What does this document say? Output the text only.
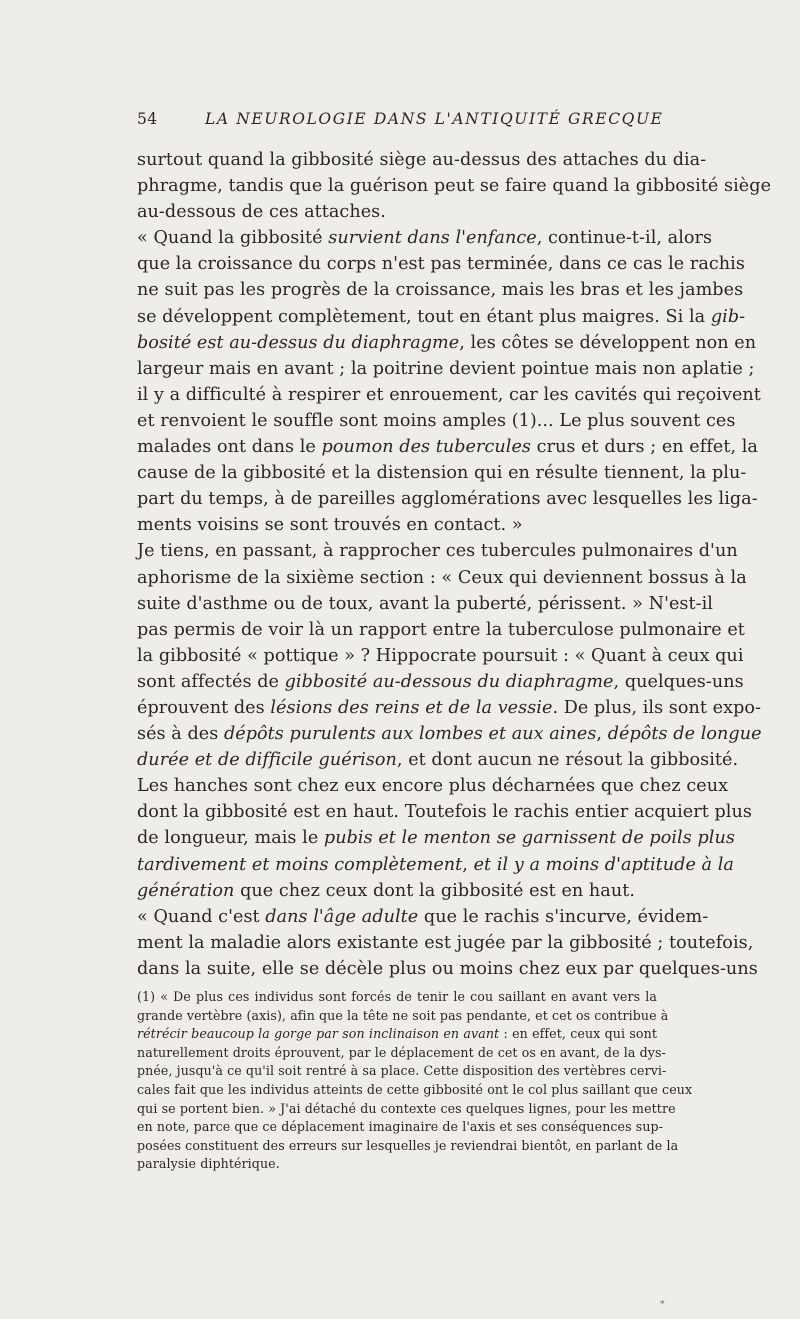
54	LA NEUROLOGIE DANS L'ANTIQUITÉ GRECQUE
surtout quand la gibbosité siège au-dessus des attaches du dia-
phragme, tandis que la guérison peut se faire quand la gibbosité siège
au-dessous de ces attaches.
« Quand la gibbosité survient dans l'enfance, continue-t-il, alors
que la croissance du corps n'est pas terminée, dans ce cas le rachis
ne suit pas les progrès de la croissance, mais les bras et les jambes
se développent complètement, tout en étant plus maigres. Si la gib-
bosité est au-dessus du diaphragme, les côtes se développent non en
largeur mais en avant ; la poitrine devient pointue mais non aplatie ;
il y a difficulté à respirer et enrouement, car les cavités qui reçoivent
et renvoient le souffle sont moins amples (1)... Le plus souvent ces
malades ont dans le poumon des tubercules crus et durs ; en effet, la
cause de la gibbosité et la distension qui en résulte tiennent, la plu-
part du temps, à de pareilles agglomérations avec lesquelles les liga-
ments voisins se sont trouvés en contact. »
Je tiens, en passant, à rapprocher ces tubercules pulmonaires d'un
aphorisme de la sixième section : « Ceux qui deviennent bossus à la
suite d'asthme ou de toux, avant la puberté, périssent. » N'est-il
pas permis de voir là un rapport entre la tuberculose pulmonaire et
la gibbosité « pottique » ? Hippocrate poursuit : « Quant à ceux qui
sont affectés de gibbosité au-dessous du diaphragme, quelques-uns
éprouvent des lésions des reins et de la vessie. De plus, ils sont expo-
sés à des dépôts purulents aux lombes et aux aines, dépôts de longue
durée et de difficile guérison, et dont aucun ne résout la gibbosité.
Les hanches sont chez eux encore plus décharnées que chez ceux
dont la gibbosité est en haut. Toutefois le rachis entier acquiert plus
de longueur, mais le pubis et le menton se garnissent de poils plus
tardivement et moins complètement, et il y a moins d'aptitude à la
génération que chez ceux dont la gibbosité est en haut.
« Quand c'est dans l'âge adulte que le rachis s'incurve, évidem-
ment la maladie alors existante est jugée par la gibbosité ; toutefois,
dans la suite, elle se décèle plus ou moins chez eux par quelques-uns
(1) « De plus ces individus sont forcés de tenir le cou saillant en avant vers la
grande vertèbre (axis), afin que la tête ne soit pas pendante, et cet os contribue à
rétrécir beaucoup la gorge par son inclinaison en avant : en effet, ceux qui sont
naturellement droits éprouvent, par le déplacement de cet os en avant, de la dys-
pnée, jusqu'à ce qu'il soit rentré à sa place. Cette disposition des vertèbres cervi-
cales fait que les individus atteints de cette gibbosité ont le col plus saillant que ceux
qui se portent bien. » J'ai détaché du contexte ces quelques lignes, pour les mettre
en note, parce que ce déplacement imaginaire de l'axis et ses conséquences sup-
posées constituent des erreurs sur lesquelles je reviendrai bientôt, en parlant de la
paralysie diphtérique.
*
